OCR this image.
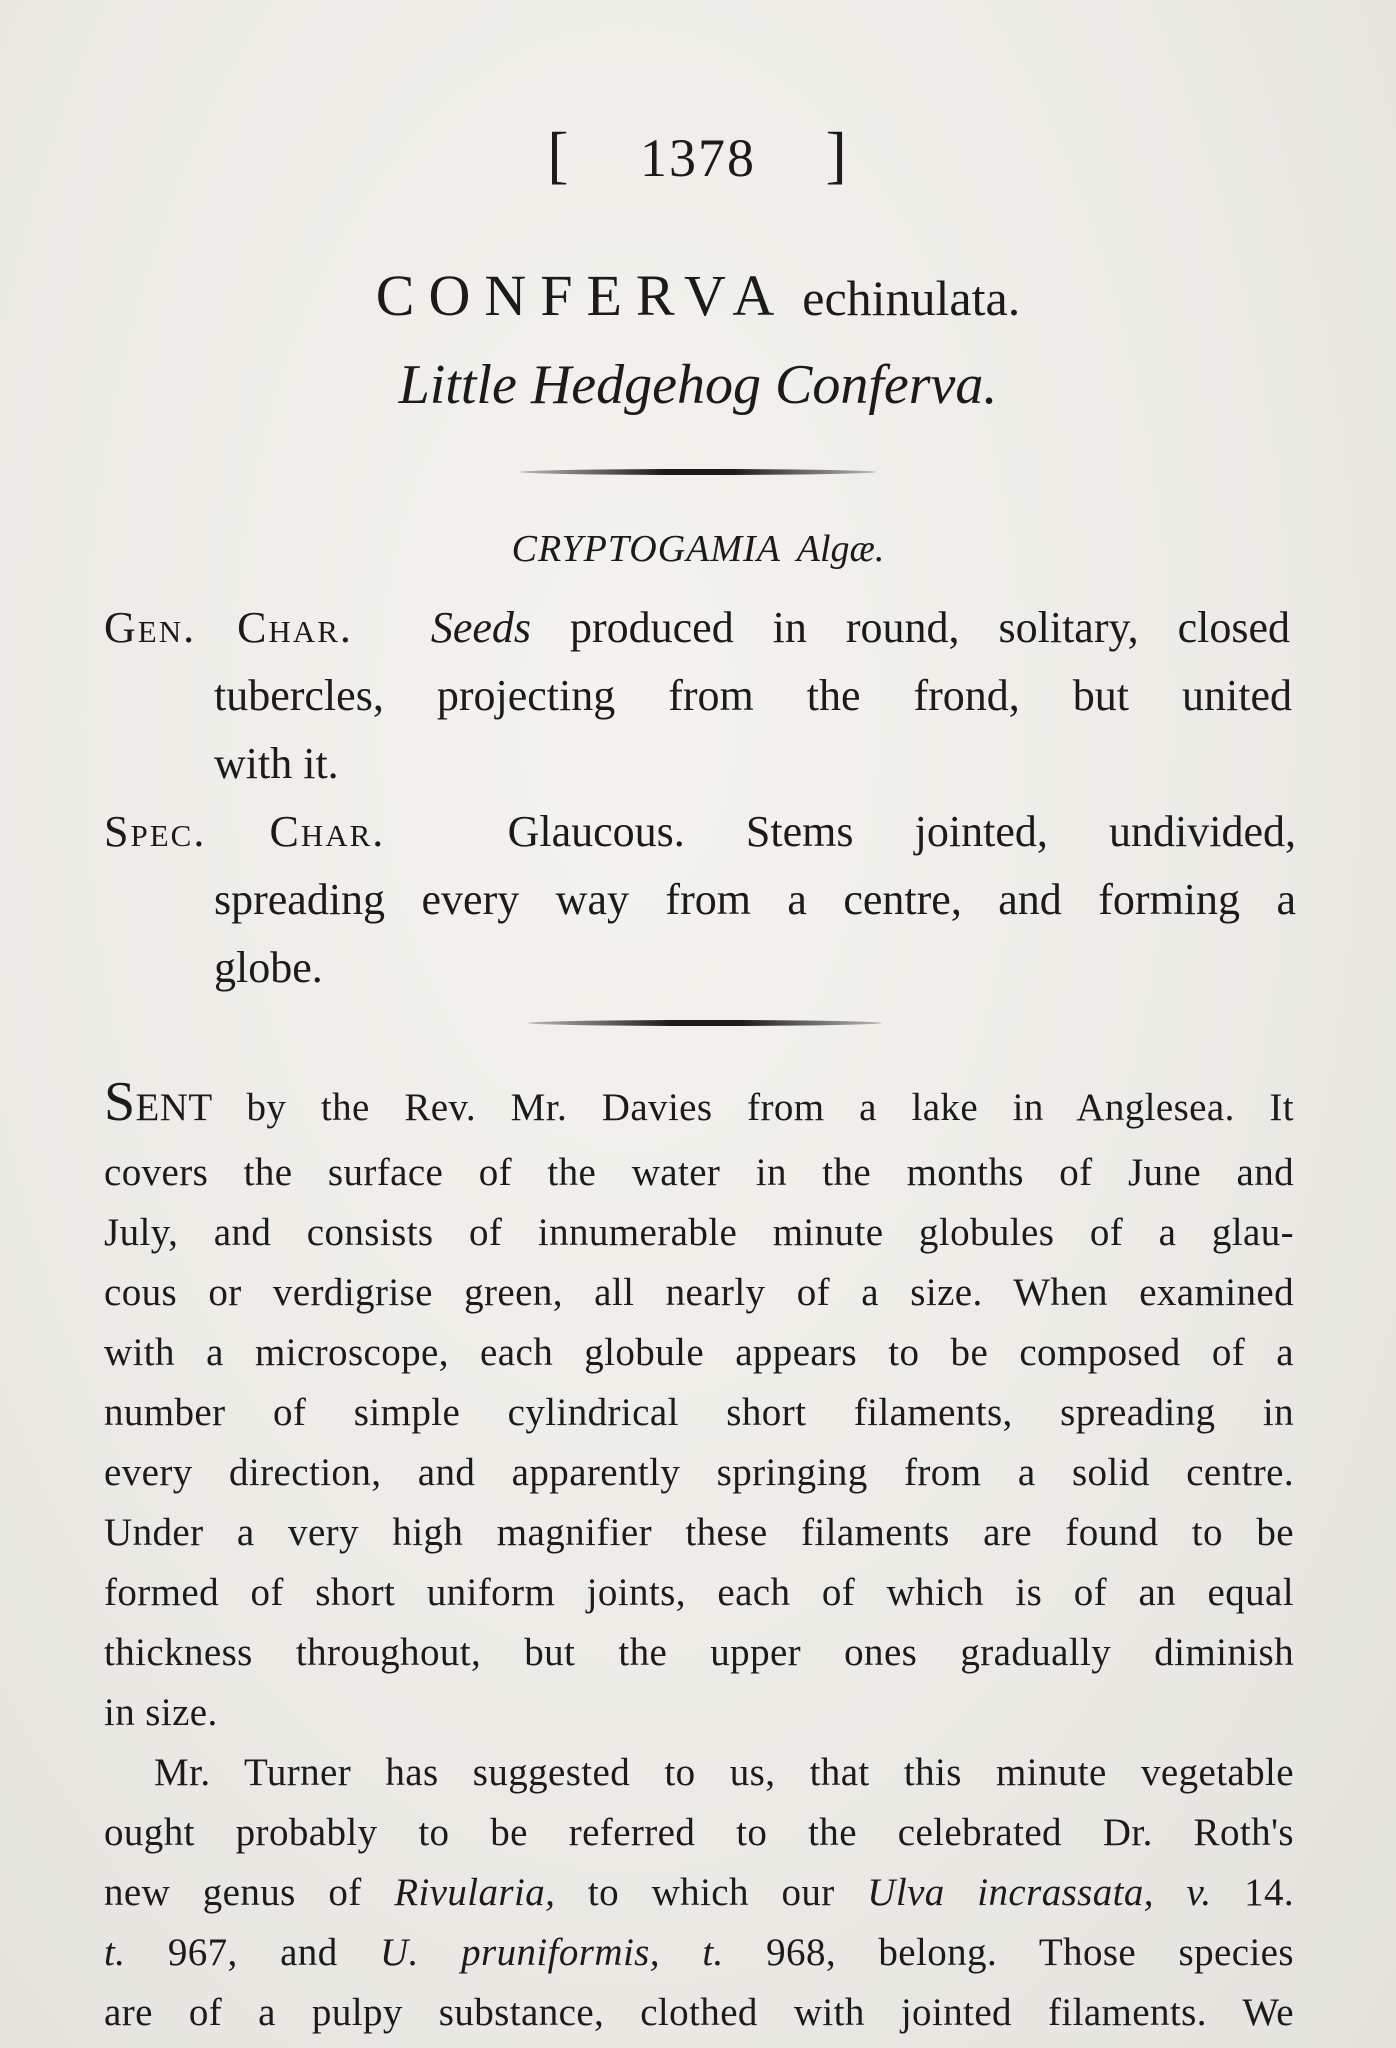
[ 1378 ]
CONFERVA echinulata.
Little Hedgehog Conferva.
CRYPTOGAMIA Algæ.
Gen. Char. Seeds produced in round, solitary, closed
tubercles, projecting from the frond, but united
with it.
Spec. Char.	Glaucous. Stems jointed, undivided,
spreading every way from a centre, and forming a
globe.
SENT by the Rev. Mr. Davies from a lake in Anglesea. It
covers the surface of the water in the months of June and
July, and consists of innumerable minute globules of a glau-
cous or verdigrise green, all nearly of a size. When examined
with a microscope, each globule appears to be composed of a
number of simple cylindrical short filaments, spreading in
every direction, and apparently springing from a solid centre.
Under a very high magnifier these filaments are found to be
formed of short uniform joints, each of which is of an equal
thickness throughout, but the upper ones gradually diminish
in size.
Mr. Turner has suggested to us, that this minute vegetable
ought probably to be referred to the celebrated Dr. Roth's
new genus of Rivularia, to which our Ulva incrassata, v. 14.
t. 967, and U. pruniformis, t. 968, belong. Those species
are of a pulpy substance, clothed with jointed filaments. We
